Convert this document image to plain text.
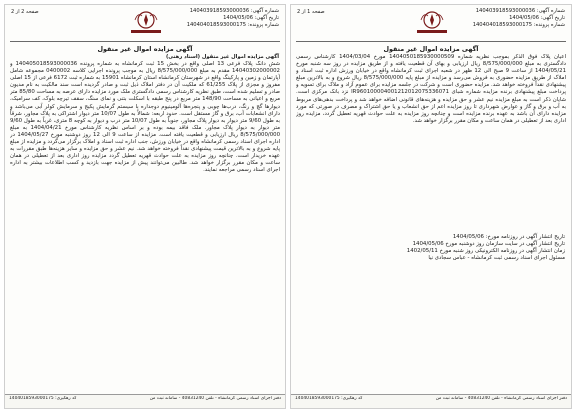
شماره آگهی: 140403918593000036
تاریخ آگهی: 1404/05/06
شماره پرونده: 140404018593000175
صفحه 2 از 2
آگهی مزایده اموال غیر منقول
آگهی مزایده اموال غیر منقول (اسناد رهنی)
شش دانگ پلاک فرعی 13 اصلی واقع در بخش 15 ثبت کرمانشاه به شماره پرونده 140405018593000036 و 14040302000002 مقدم به مبلغ 8/575/000/000 ریال به موجب پرونده اجرایی کلاسه 0400002 مجموعه شامل آپارتمان و زمین و پارکینگ واقع در شهرستان کرمانشاه استان کرمانشاه 15901 به شماره ثبت 6172 فرعی از 15 اصلی مفروز و مجزی از پلاک 61/255 که ملکیت آن در دفتر املاک ذیل ثبت و صادر گردیده است سند مالکیت به نام مدیون صادر و تسلیم شده است، طبق نظریه کارشناس رسمی دادگستری ملک مورد مزایده دارای عرصه به مساحت 85/80 متر مربع و اعیانی به مساحت 148/90 متر مربع در پنج طبقه با اسکلت بتنی و نمای سنگ، سقف تیرچه بلوک، کف سرامیک، دیوارها گچ و رنگ، درب‌ها چوبی و پنجره‌ها آلومینیوم دوجداره با سیستم گرمایش پکیج و سرمایش کولر آبی می‌باشد و دارای انشعابات آب، برق و گاز مستقل است. حدود اربعه: شمالاً به طول 10/07 متر دیوار اشتراکی به پلاک مجاور، شرقاً به طول 9/60 متر دیوار به دیوار پلاک مجاور، جنوباً به طول 10/07 متر درب و دیوار به کوچه 8 متری، غرباً به طول 9/60 متر دیوار به دیوار پلاک مجاور. ملک فاقد بیمه بوده و بر اساس نظریه کارشناس مورخ 1404/04/21 به مبلغ 8/575/000/000 ریال ارزیابی و قطعیت یافته است. مزایده از ساعت 9 الی 12 روز دوشنبه مورخ 1404/05/27 در اداره اجرای اسناد رسمی کرمانشاه واقع در خیابان ورزش، جنب اداره ثبت اسناد و املاک برگزار می‌گردد و مزایده از مبلغ پایه شروع و به بالاترین قیمت پیشنهادی نقداً فروخته خواهد شد. نیم عشر و حق مزایده و سایر هزینه‌ها طبق مقررات به عهده خریدار است. چنانچه روز مزایده به علت حوادث قهریه تعطیل گردد مزایده روز اداری بعد از تعطیلی در همان ساعت و مکان مقرر برگزار خواهد شد. طالبین می‌توانند پیش از مزایده جهت بازدید و کسب اطلاعات بیشتر به اداره اجرای اسناد رسمی مراجعه نمایند.
دفتر اجرای اسناد رسمی کرمانشاه - تلفن 40831240 - سامانه ثبت من
کد رهگیری: 1404018593000175
شماره آگهی: 140403918593000036
تاریخ آگهی: 1404/05/06
شماره پرونده: 140404018593000175
صفحه 1 از 2
آگهی مزایده اموال غیر منقول
اعیان پلاک فوق الذکر بموجب نظریه شماره 1404050185930000509 مورخ 1404/03/04 کارشناس رسمی دادگستری به مبلغ 8/575/000/000 ریال ارزیابی و بهای آن قطعیت یافته و از طریق مزایده در روز سه شنبه مورخ 1404/05/21 از ساعت 9 صبح الی 12 ظهر در شعبه اجرای ثبت کرمانشاه واقع در خیابان ورزش اداره ثبت اسناد و املاک از طریق مزایده حضوری به فروش می‌رسد و مزایده از مبلغ پایه 8/575/000/000 ریال شروع و به بالاترین مبلغ پیشنهادی نقداً فروخته خواهد شد. مزایده حضوری است و شرکت در جلسه مزایده برای عموم آزاد و ملاک برای تسویه و پرداخت مبلغ پیشنهادی برنده مزایده شماره شبای IR960100004001212012075336071 نزد بانک مرکزی است. شایان ذکر است به مبلغ مزایده نیم عشر و حق مزایده و هزینه‌های قانونی اضافه خواهد شد و پرداخت بدهی‌های مربوط به آب و برق و گاز و عوارض شهرداری تا روز مزایده اعم از حق انشعاب و یا حق اشتراک و مصرف در صورتی که مورد مزایده دارای آن باشد به عهده برنده مزایده است و چنانچه روز مزایده به علت حوادث قهریه تعطیل گردد، مزایده روز اداری بعد از تعطیلی در همان ساعت و مکان مقرر برگزار خواهد شد.
تاریخ انتشار آگهی در روزنامه مورخ: 1404/05/06
تاریخ انتشار آگهی در سایت سازمان روز دوشنبه مورخ 1404/05/06
زمان انتشار آگهی در روزنامه الکترونیکی روز شنبه مورخ 1402/05/11
مسئول اجرای اسناد رسمی ثبت کرمانشاه - عباس سجادی نیا
دفتر اجرای اسناد رسمی کرمانشاه - تلفن 40831240 - سامانه ثبت من
کد رهگیری: 1404018593000175
